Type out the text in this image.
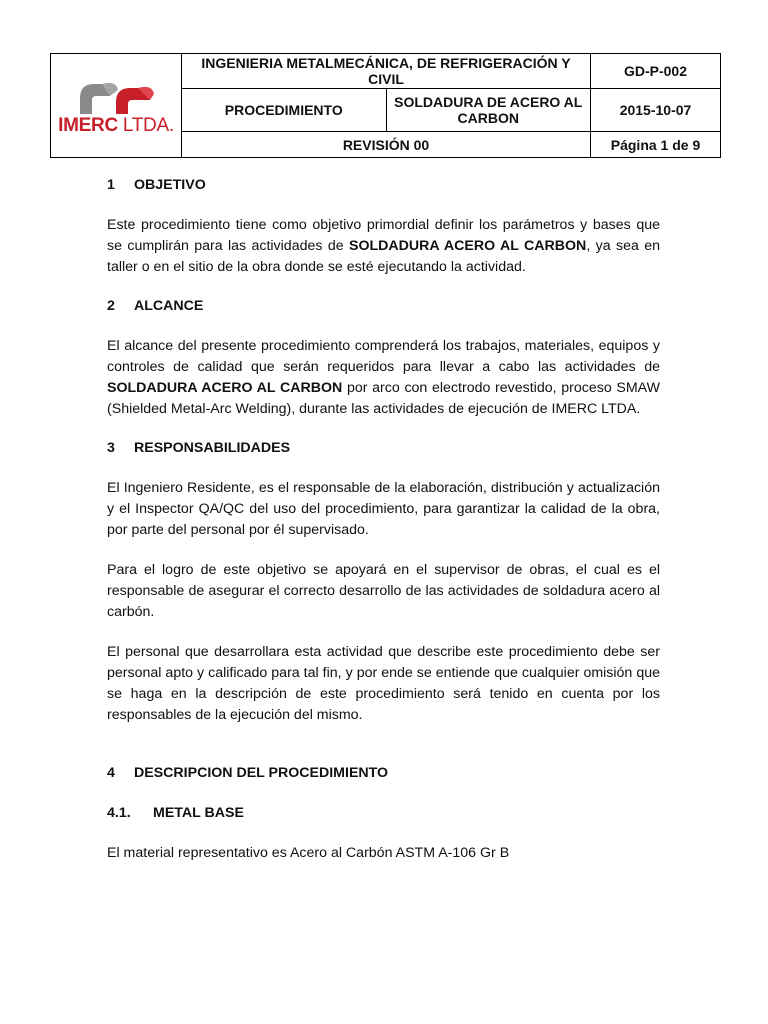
IMERC LTDA.	INGENIERIA METALMECÁNICA, DE REFRIGERACIÓN Y CIVIL		GD-P-002
	PROCEDIMIENTO	SOLDADURA DE ACERO AL CARBON	2015-10-07
	REVISIÓN 00		Página 1 de 9
1	OBJETIVO

Este procedimiento tiene como objetivo primordial definir los parámetros y bases que se cumplirán para las actividades de SOLDADURA ACERO AL CARBON, ya sea en taller o en el sitio de la obra donde se esté ejecutando la actividad.

2	ALCANCE

El alcance del presente procedimiento comprenderá los trabajos, materiales, equipos y controles de calidad que serán requeridos para llevar a cabo las actividades de SOLDADURA ACERO AL CARBON por arco con electrodo revestido, proceso SMAW (Shielded Metal-Arc Welding), durante las actividades de ejecución de IMERC LTDA.

3	RESPONSABILIDADES

El Ingeniero Residente, es el responsable de la elaboración, distribución y actualización y el Inspector QA/QC del uso del procedimiento, para garantizar la calidad de la obra, por parte del personal por él supervisado.

Para el logro de este objetivo se apoyará en el supervisor de obras, el cual es el responsable de asegurar el correcto desarrollo de las actividades de soldadura acero al carbón.

El personal que desarrollara esta actividad que describe este procedimiento debe ser personal apto y calificado para tal fin, y por ende se entiende que cualquier omisión que se haga en la descripción de este procedimiento será tenido en cuenta por los responsables de la ejecución del mismo.

4	DESCRIPCION DEL PROCEDIMIENTO
4.1.	METAL BASE

El material representativo es Acero al Carbón ASTM A-106 Gr B
